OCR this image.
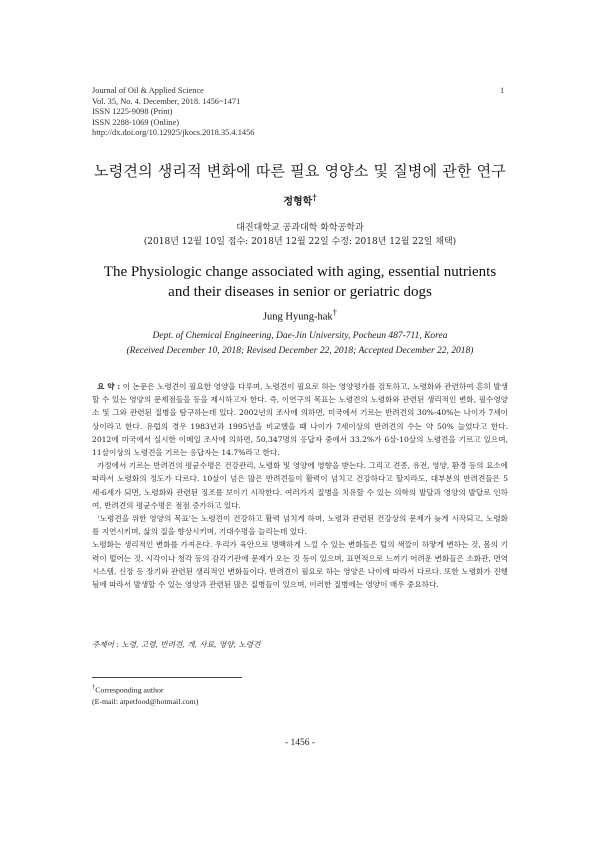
Journal of Oil & Applied Science
Vol. 35, No. 4. December, 2018. 1456~1471
ISSN 1225-9098 (Print)
ISSN 2288-1069 (Online)
http://dx.doi.org/10.12925/jkocs.2018.35.4.1456
1
노령견의 생리적 변화에 따른 필요 영양소 및 질병에 관한 연구
정형학†
대진대학교 공과대학 화학공학과
(2018년 12월 10일 접수: 2018년 12월 22일 수정: 2018년 12월 22일 채택)
The Physiologic change associated with aging, essential nutrients
and their diseases in senior or geriatric dogs
Jung Hyung-hak†
Dept. of Chemical Engineering, Dae-Jin University, Pocheun 487-711, Korea
(Received December 10, 2018; Revised December 22, 2018; Accepted December 22, 2018)

요 약 : 이 논문은 노령견이 필요한 영양을 다루며, 노령견이 필요로 하는 영양평가를 검토하고, 노령화와 관련하여 흔히 발생할 수 있는 영양의 문제점들을 등을 제시하고자 한다. 즉, 이연구의 목표는 노령견의 노령화와 관련된 생리적인 변화, 필수영양소 및 그와 관련된 질병을 탐구하는데 있다. 2002년의 조사에 의하면, 미국에서 기르는 반려견의 30%-40%는 나이가 7세이상이라고 한다. 유럽의 경우 1983년과 1995년을 비교했을 때 나이가 7세이상의 반려견의 수는 약 50% 늘었다고 한다. 2012에 미국에서 실시한 이메일 조사에 의하면, 50,347명의 응답자 중에서 33.2%가 6살-10살의 노령견을 기르고 있으며, 11살이상의 노령견을 기르는 응답자는 14.7%라고 한다.

가정에서 기르는 반려견의 평균수명은 건강관리, 노령화 및 영양에 영향을 받는다. 그리고 견종, 유전, 영양, 환경 등의 요소에 따라서 노령화의 정도가 다르다. 10살이 넘은 많은 반려견들이 활력이 넘치고 건강하다고 할지라도, 대부분의 반려견들은 5세-6세가 되면, 노령화와 관련된 징조를 보이기 시작한다. 여러가지 질병을 치유할 수 있는 의학의 발달과 영양의 발달로 인하여, 반려견의 평균수명은 점점 증가하고 있다.

'노령견을 위한 영양의 목표'는 노령견이 건강하고 활력 넘치게 하며, 노령과 관련된 건강상의 문제가 늦게 시작되고, 노령화를 지연시키며, 삶의 질을 향상시키며, 기대수명을 늘리는데 있다.

노령화는 생리적인 변화를 가져온다. 우리가 육안으로 명백하게 느낄 수 있는 변화들은 털의 색깔이 하얗게 변하는 것, 몸의 기력이 떨어는 것, 시각이나 청각 등의 감각기관에 문제가 오는 것 등이 있으며, 표면적으로 느끼기 어려운 변화들은 소화관, 면역시스템, 신장 등 장기와 관련된 생리적인 변화들이다. 반려견이 필요로 하는 영양은 나이에 따라서 다르다. 또한 노령화가 진행됨에 따라서 발생할 수 있는 영양과 관련된 많은 질병들이 있으며, 이러한 질병에는 영양이 매우 중요하다.

주제어 : 노령, 고령, 반려견, 개, 사료, 영양, 노령견
†Corresponding author
(E-mail: atpetfood@hotmail.com)
- 1456 -
